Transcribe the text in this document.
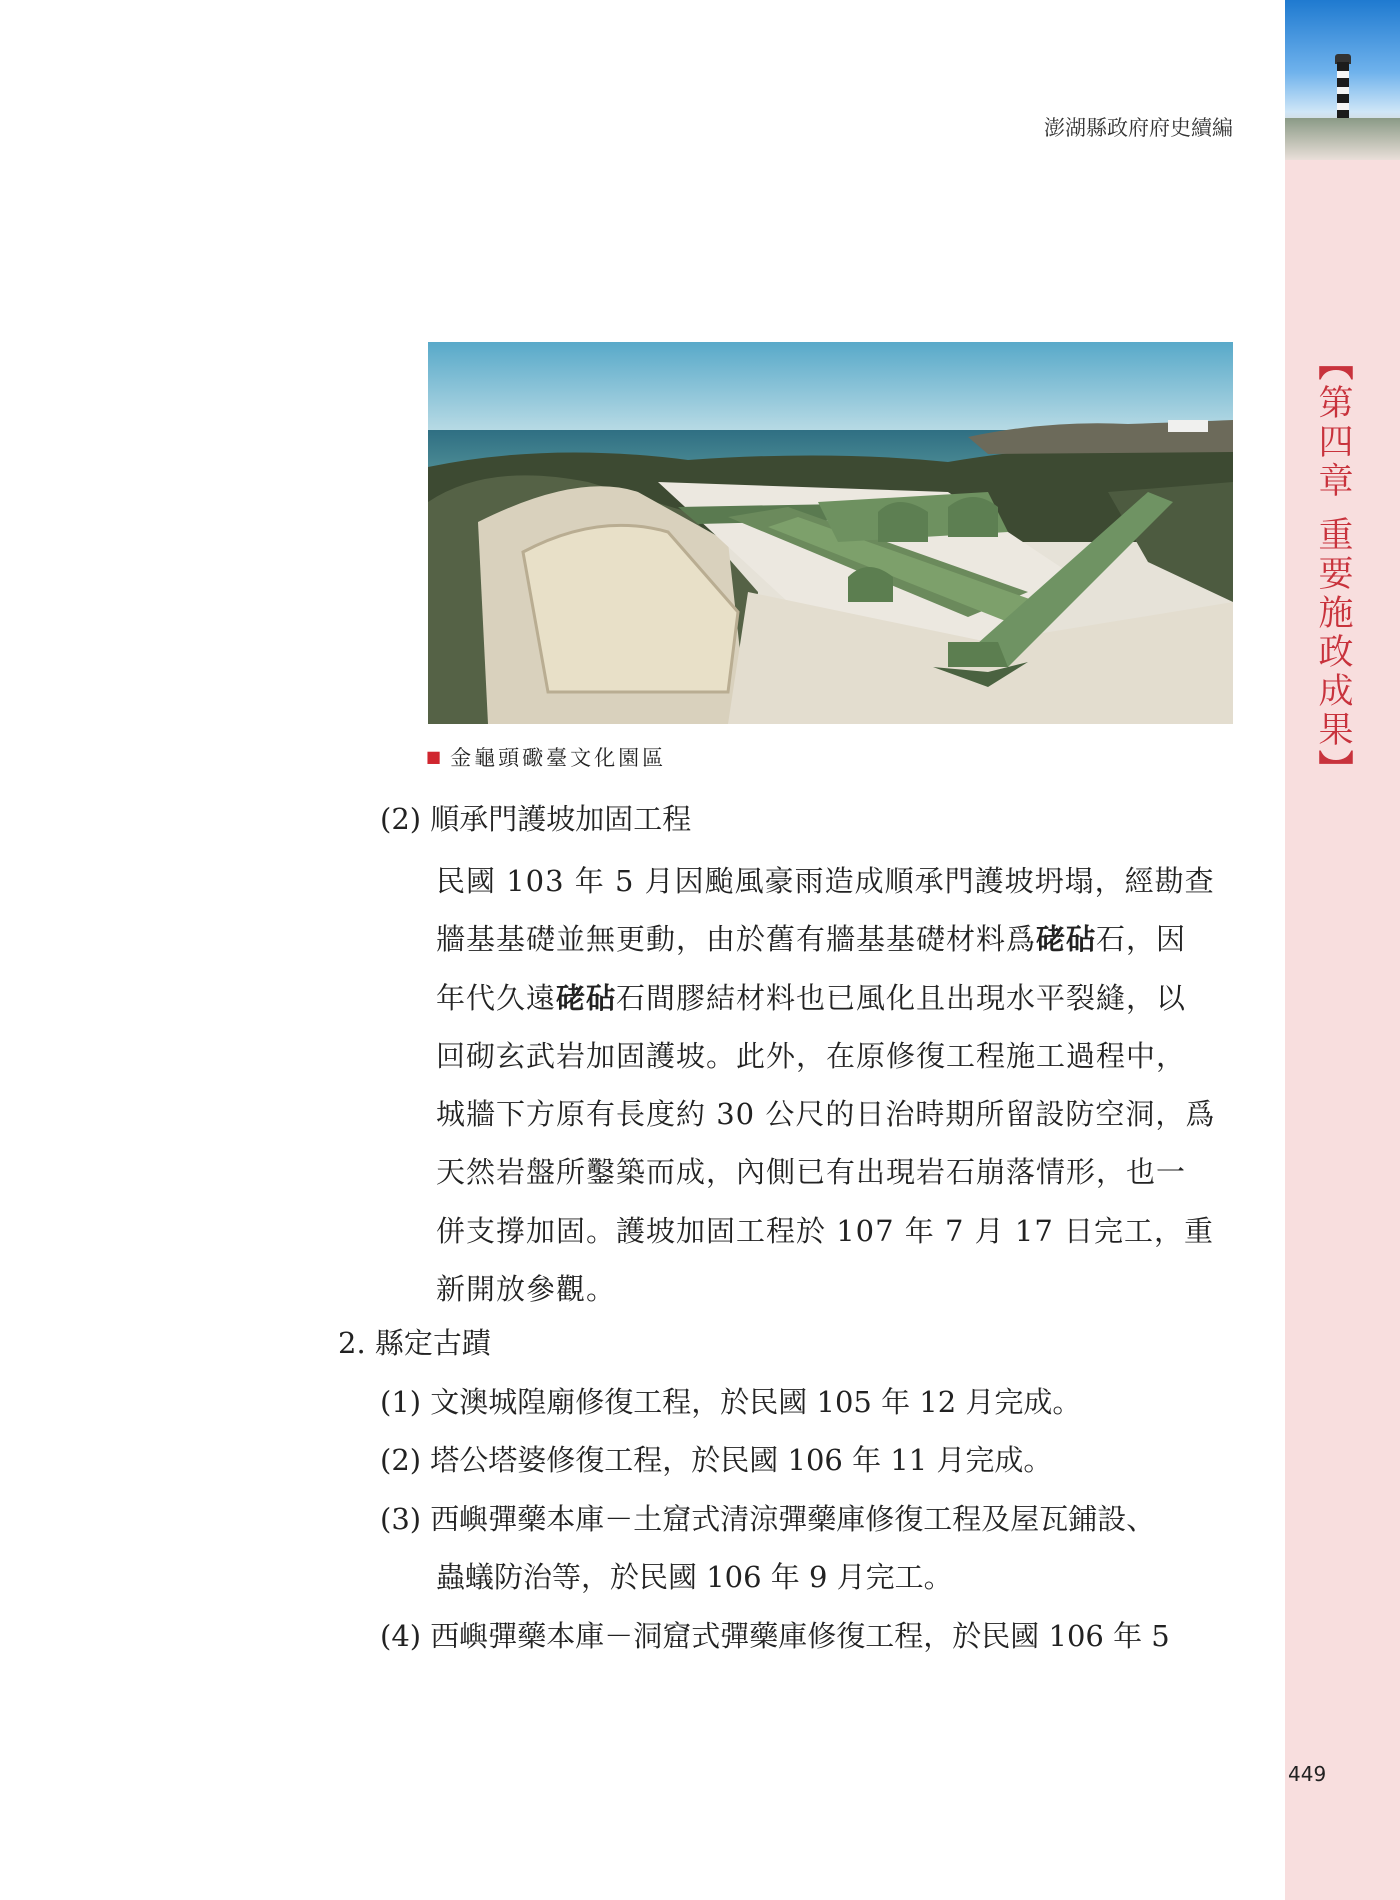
【第四章 重要施政成果】
澎湖縣政府府史續編
■ 金龜頭礮臺文化園區
(2) 順承門護坡加固工程
民國 103 年 5 月因颱風豪雨造成順承門護坡坍塌，經勘查
牆基基礎並無更動，由於舊有牆基基礎材料爲硓砧石，因
年代久遠硓砧石間膠結材料也已風化且出現水平裂縫，以
回砌玄武岩加固護坡。此外，在原修復工程施工過程中，
城牆下方原有長度約 30 公尺的日治時期所留設防空洞，爲
天然岩盤所鑿築而成，內側已有出現岩石崩落情形，也一
併支撐加固。護坡加固工程於 107 年 7 月 17 日完工，重
新開放參觀。
2. 縣定古蹟
(1) 文澳城隍廟修復工程，於民國 105 年 12 月完成。
(2) 塔公塔婆修復工程，於民國 106 年 11 月完成。
(3) 西嶼彈藥本庫－土窟式清涼彈藥庫修復工程及屋瓦鋪設、
蟲蟻防治等，於民國 106 年 9 月完工。
(4) 西嶼彈藥本庫－洞窟式彈藥庫修復工程，於民國 106 年 5
449
